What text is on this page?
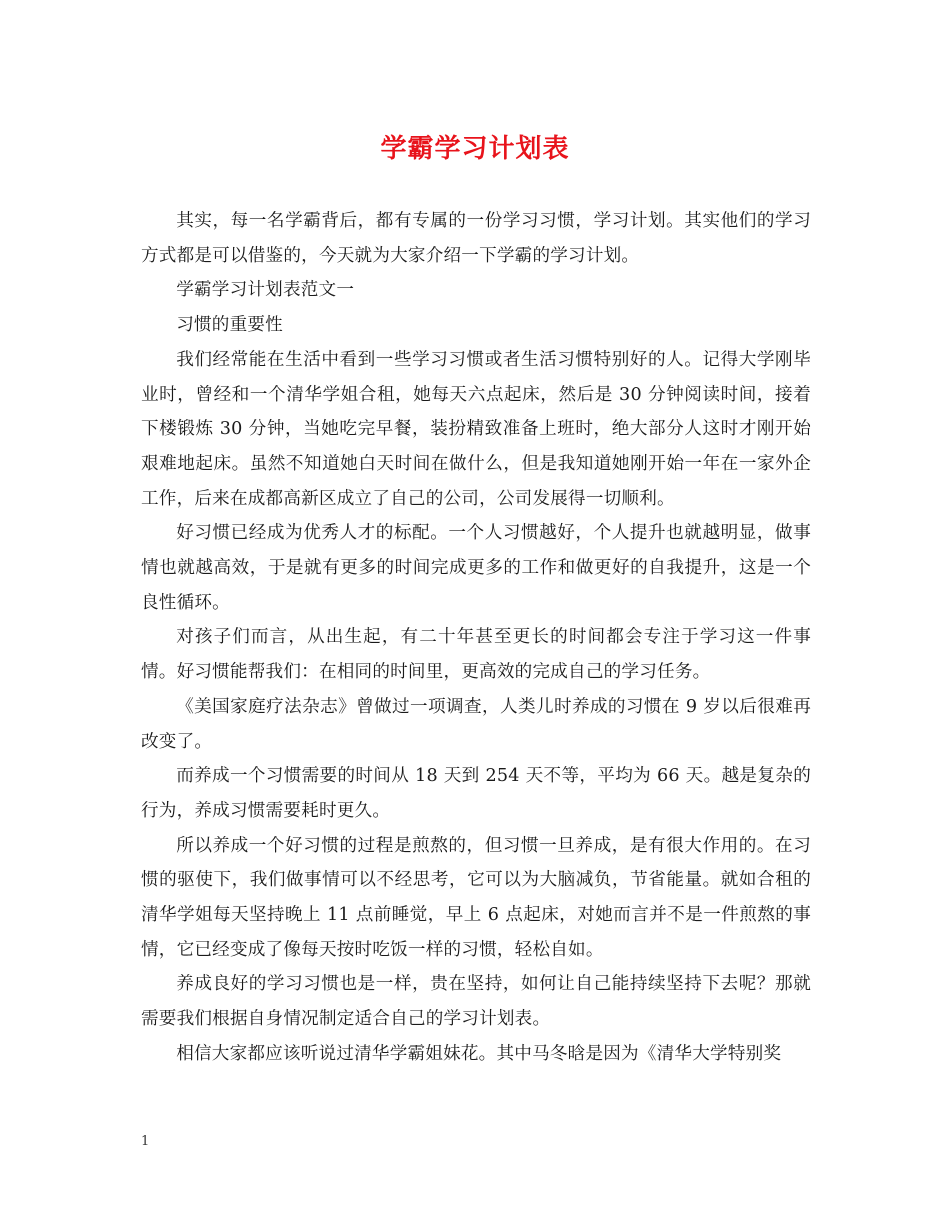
学霸学习计划表

其实，每一名学霸背后，都有专属的一份学习习惯，学习计划。其实他们的学习方式都是可以借鉴的，今天就为大家介绍一下学霸的学习计划。

学霸学习计划表范文一

习惯的重要性

我们经常能在生活中看到一些学习习惯或者生活习惯特别好的人。记得大学刚毕业时，曾经和一个清华学姐合租，她每天六点起床，然后是 30 分钟阅读时间，接着下楼锻炼 30 分钟，当她吃完早餐，装扮精致准备上班时，绝大部分人这时才刚开始艰难地起床。虽然不知道她白天时间在做什么，但是我知道她刚开始一年在一家外企工作，后来在成都高新区成立了自己的公司，公司发展得一切顺利。

好习惯已经成为优秀人才的标配。一个人习惯越好，个人提升也就越明显，做事情也就越高效，于是就有更多的时间完成更多的工作和做更好的自我提升，这是一个良性循环。

对孩子们而言，从出生起，有二十年甚至更长的时间都会专注于学习这一件事情。好习惯能帮我们：在相同的时间里，更高效的完成自己的学习任务。

《美国家庭疗法杂志》曾做过一项调查，人类儿时养成的习惯在 9 岁以后很难再改变了。

而养成一个习惯需要的时间从 18 天到 254 天不等，平均为 66 天。越是复杂的行为，养成习惯需要耗时更久。

所以养成一个好习惯的过程是煎熬的，但习惯一旦养成，是有很大作用的。在习惯的驱使下，我们做事情可以不经思考，它可以为大脑减负，节省能量。就如合租的清华学姐每天坚持晚上 11 点前睡觉，早上 6 点起床，对她而言并不是一件煎熬的事情，它已经变成了像每天按时吃饭一样的习惯，轻松自如。

养成良好的学习习惯也是一样，贵在坚持，如何让自己能持续坚持下去呢？那就需要我们根据自身情况制定适合自己的学习计划表。

相信大家都应该听说过清华学霸姐妹花。其中马冬晗是因为《清华大学特别奖

1
